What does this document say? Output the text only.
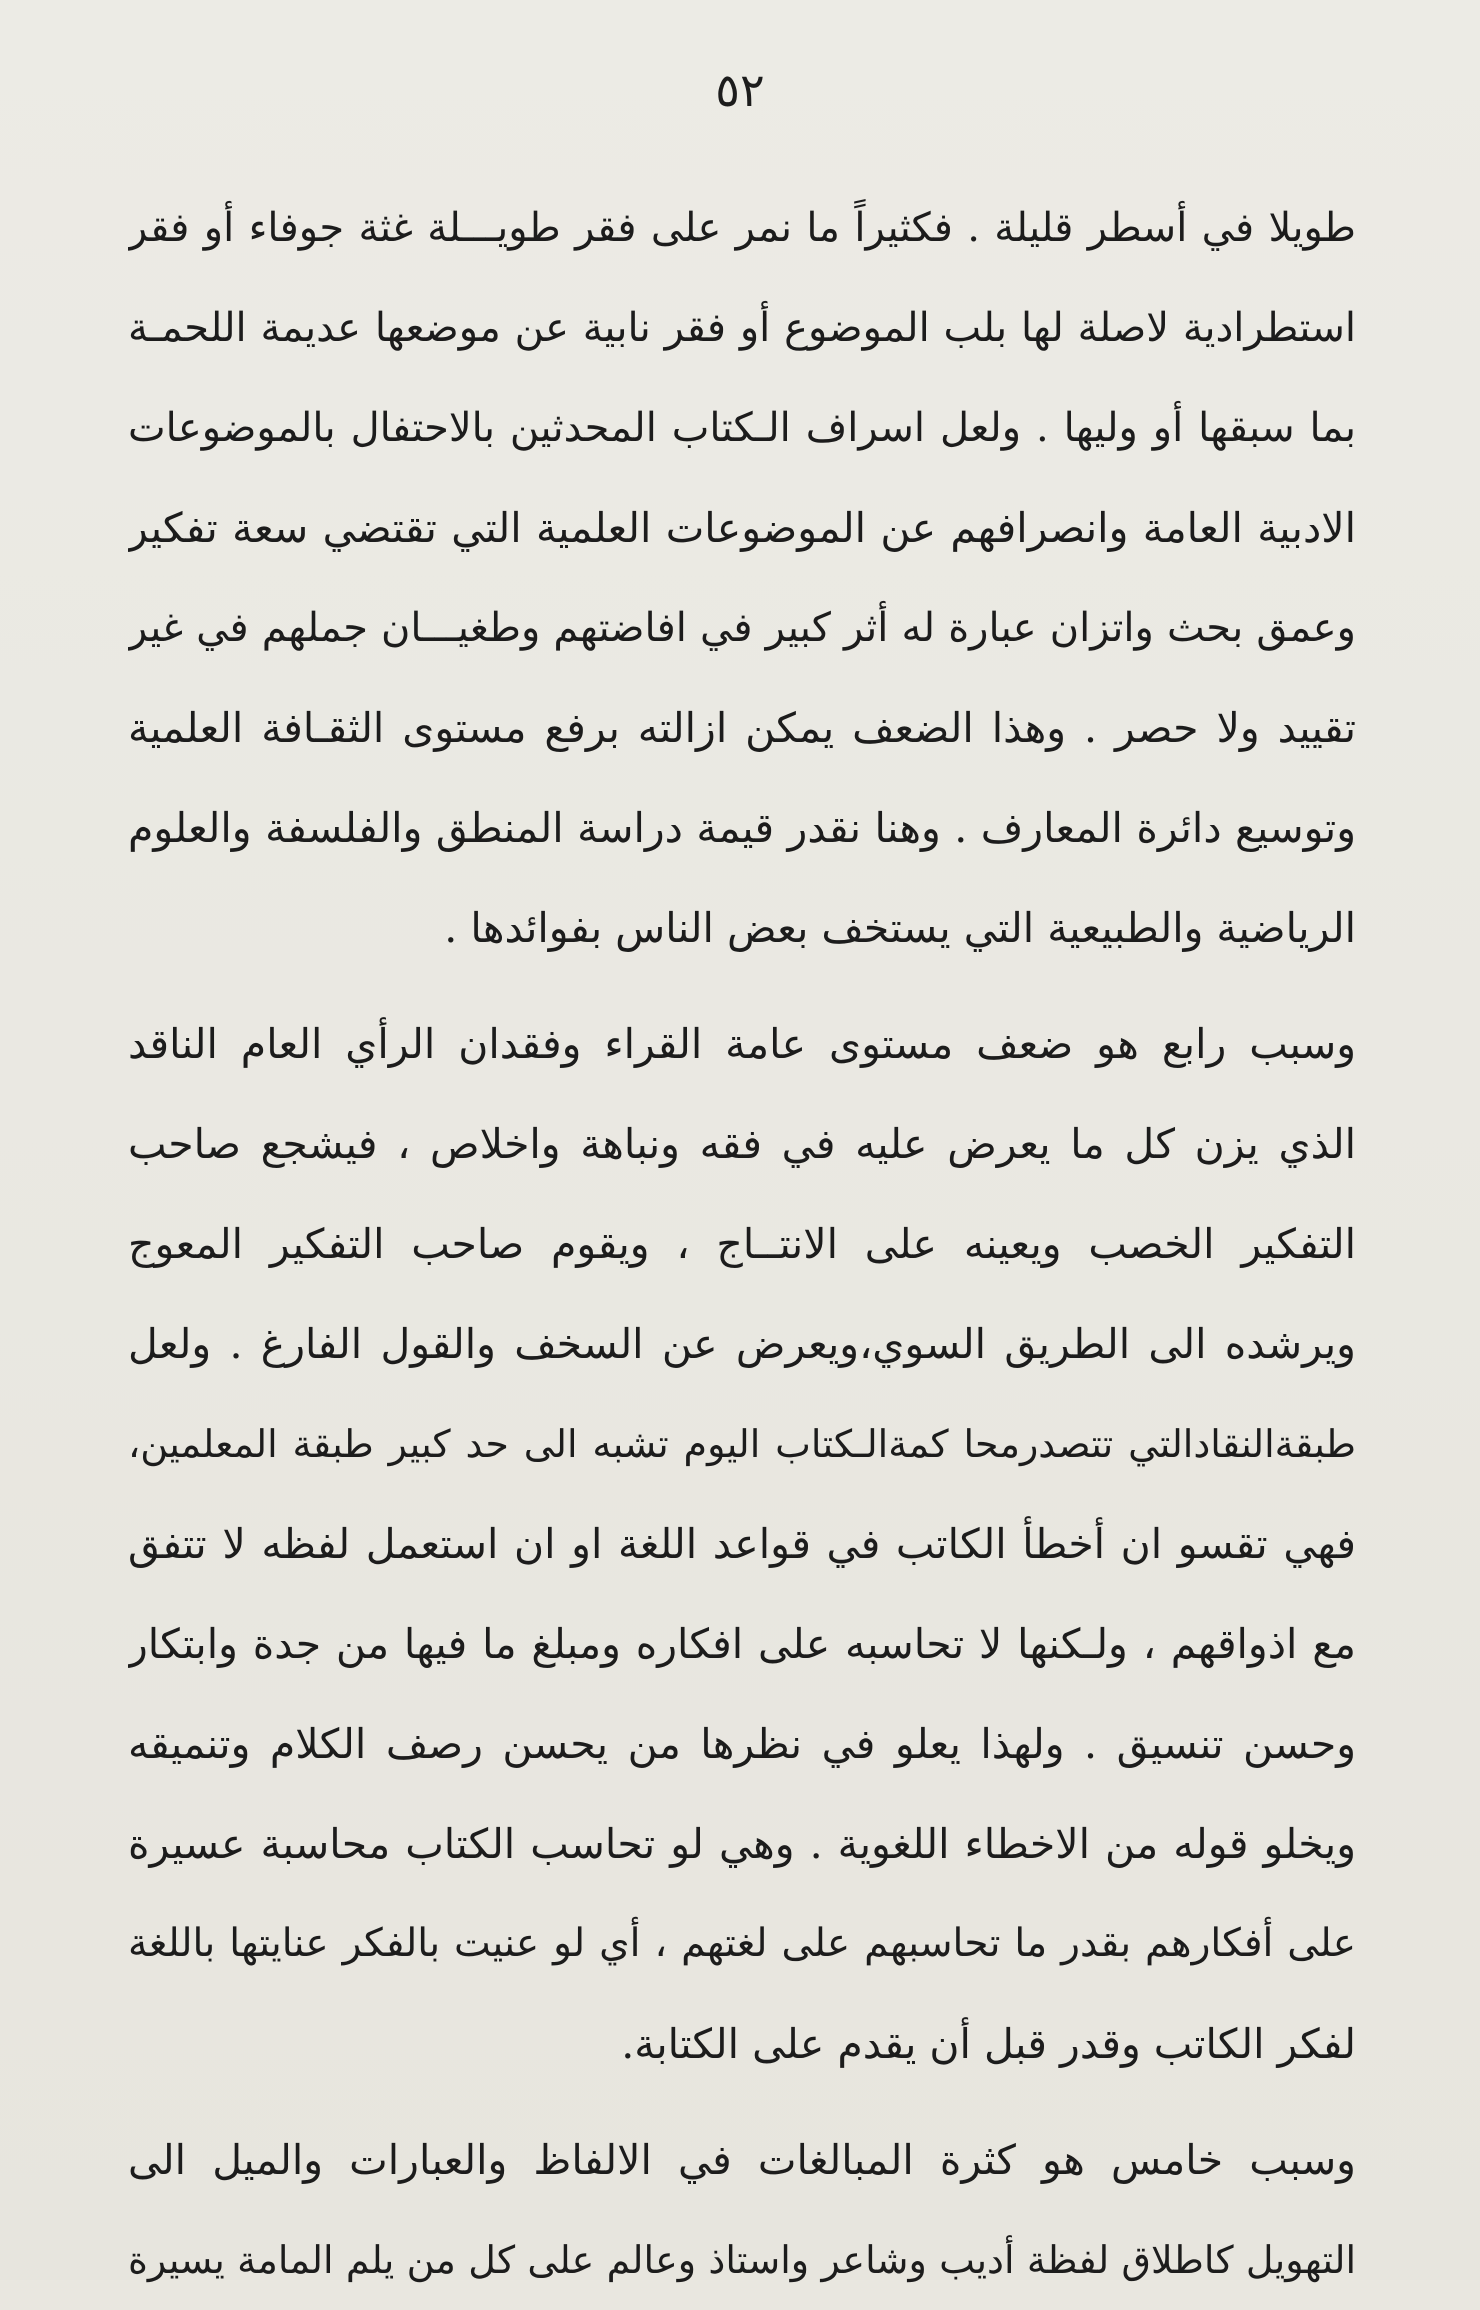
٥٢
طويلا في أسطر قليلة . فكثيراً ما نمر على فقر طويـــلة غثة جوفاء أو فقر
استطرادية لاصلة لها بلب الموضوع أو فقر نابية عن موضعها عديمة اللحمـة
بما سبقها أو وليها . ولعل اسراف الـكتاب المحدثين بالاحتفال بالموضوعات
الادبية العامة وانصرافهم عن الموضوعات العلمية التي تقتضي سعة تفكير
وعمق بحث واتزان عبارة له أثر كبير في افاضتهم وطغيـــان جملهم في غير
تقييد ولا حصر . وهذا الضعف يمكن ازالته برفع مستوى الثقـافة العلمية
وتوسيع دائرة المعارف . وهنا نقدر قيمة دراسة المنطق والفلسفة والعلوم
الرياضية والطبيعية التي يستخف بعض الناس بفوائدها .
وسبب رابع هو ضعف مستوى عامة القراء وفقدان الرأي العام الناقد
الذي يزن كل ما يعرض عليه في فقه ونباهة واخلاص ، فيشجع صاحب
التفكير الخصب ويعينه على الانتــاج ، ويقوم صاحب التفكير المعوج
ويرشده الى الطريق السوي،ويعرض عن السخف والقول الفارغ . ولعل
طبقةالنقادالتي تتصدرمحا كمةالـكتاب اليوم تشبه الى حد كبير طبقة المعلمين،
فهي تقسو ان أخطأ الكاتب في قواعد اللغة او ان استعمل لفظه لا تتفق
مع اذواقهم ، ولـكنها لا تحاسبه على افكاره ومبلغ ما فيها من جدة وابتكار
وحسن تنسيق . ولهذا يعلو في نظرها من يحسن رصف الكلام وتنميقه
ويخلو قوله من الاخطاء اللغوية . وهي لو تحاسب الكتاب محاسبة عسيرة
على أفكارهم بقدر ما تحاسبهم على لغتهم ، أي لو عنيت بالفكر عنايتها باللغة
لفكر الكاتب وقدر قبل أن يقدم على الكتابة.
وسبب خامس هو كثرة المبالغات في الالفاظ والعبارات والميل الى
التهويل كاطلاق لفظة أديب وشاعر واستاذ وعالم على كل من يلم المامة يسيرة
